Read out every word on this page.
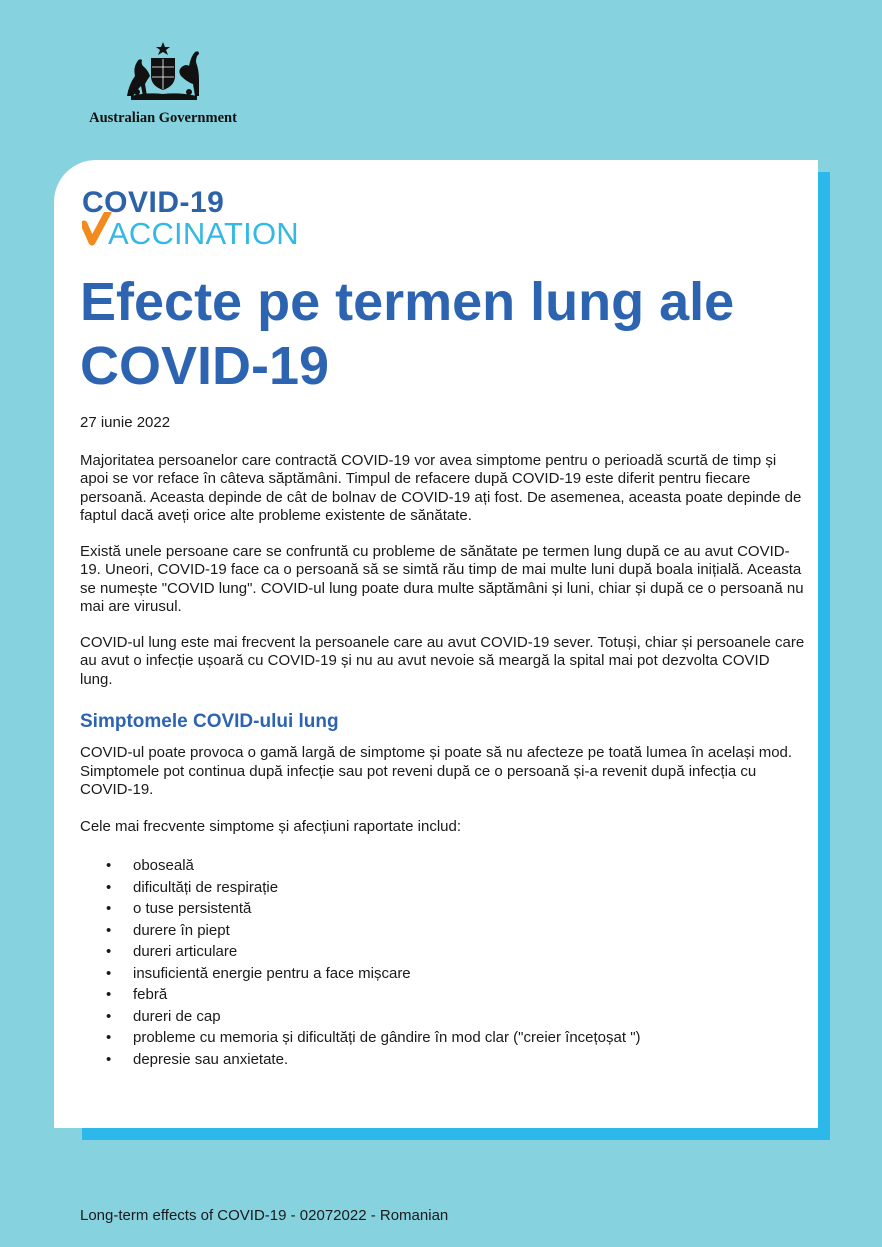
Australian Government
COVID-19
ACCINATION
Efecte pe termen lung ale COVID-19

27 iunie 2022

Majoritatea persoanelor care contractă COVID-19 vor avea simptome pentru o perioadă scurtă de timp și apoi se vor reface în câteva săptămâni. Timpul de refacere după COVID-19 este diferit pentru fiecare persoană. Aceasta depinde de cât de bolnav de COVID-19 ați fost. De asemenea, aceasta poate depinde de faptul dacă aveți orice alte probleme existente de sănătate.

Există unele persoane care se confruntă cu probleme de sănătate pe termen lung după ce au avut COVID-19. Uneori, COVID-19 face ca o persoană să se simtă rău timp de mai multe luni după boala inițială. Aceasta se numește "COVID lung". COVID-ul lung poate dura multe săptămâni și luni, chiar și după ce o persoană nu mai are virusul.

COVID-ul lung este mai frecvent la persoanele care au avut COVID-19 sever. Totuși, chiar și persoanele care au avut o infecție ușoară cu COVID-19 și nu au avut nevoie să meargă la spital mai pot dezvolta COVID lung.

Simptomele COVID-ului lung

COVID-ul poate provoca o gamă largă de simptome și poate să nu afecteze pe toată lumea în același mod. Simptomele pot continua după infecție sau pot reveni după ce o persoană și-a revenit după infecția cu COVID-19.

Cele mai frecvente simptome și afecțiuni raportate includ:

• oboseală
• dificultăți de respirație
• o tuse persistentă
• durere în piept
• dureri articulare
• insuficientă energie pentru a face mișcare
• febră
• dureri de cap
• probleme cu memoria și dificultăți de gândire în mod clar ("creier încețoșat ")
• depresie sau anxietate.
Long-term effects of COVID-19 - 02072022 - Romanian
